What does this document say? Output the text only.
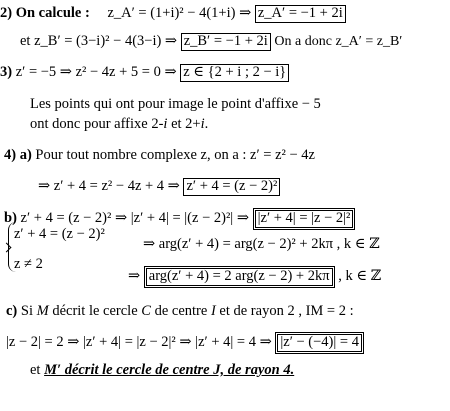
2) On calcule : z_A′ = (1+i)² − 4(1+i) ⇒ z_A′ = −1 + 2i
et z_B′ = (3−i)² − 4(3−i) ⇒ z_B′ = −1 + 2i On a donc z_A′ = z_B′
3) z′ = −5 ⇒ z² − 4z + 5 = 0 ⇒ z ∈ {2 + i ; 2 − i}
Les points qui ont pour image le point d'affixe − 5
ont donc pour affixe 2-i et 2+i.
4) a) Pour tout nombre complexe z, on a : z′ = z² − 4z
⇒ z′ + 4 = z² − 4z + 4 ⇒ z′ + 4 = (z − 2)²
b) z′ + 4 = (z − 2)² ⇒ |z′ + 4| = |(z − 2)²| ⇒ |z′ + 4| = |z − 2|²
z′ + 4 = (z − 2)²
⇒ arg(z′ + 4) = arg(z − 2)² + 2kπ , k ∈ ℤ
z ≠ 2
⇒ arg(z′ + 4) = 2 arg(z − 2) + 2kπ , k ∈ ℤ
c) Si M décrit le cercle C de centre I et de rayon 2 , IM = 2 :
|z − 2| = 2 ⇒ |z′ + 4| = |z − 2|² ⇒ |z′ + 4| = 4 ⇒ |z′ − (−4)| = 4
et M′ décrit le cercle de centre J, de rayon 4.
